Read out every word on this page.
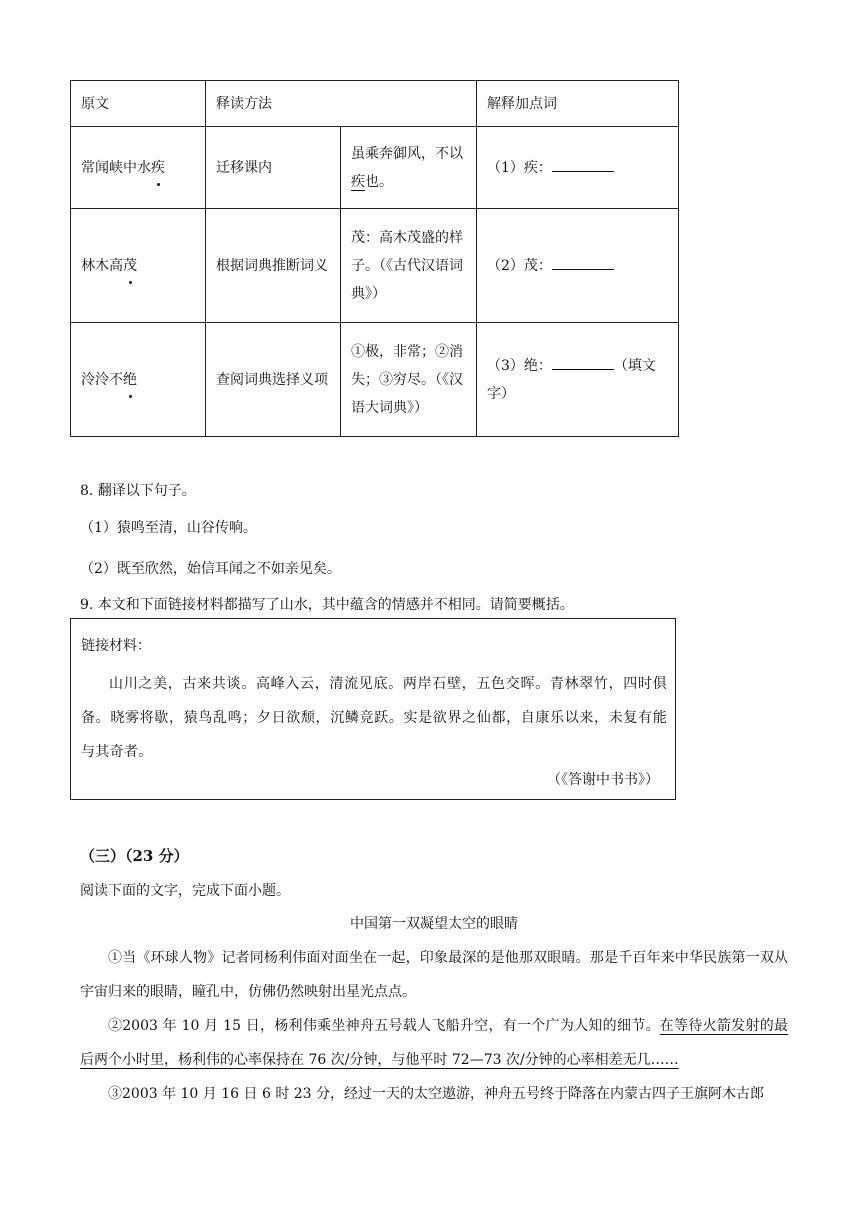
原文	释读方法		解释加点词
常闻峡中水疾	迁移课内	虽乘奔御风，不以疾也。	（1）疾：
林木高茂	根据词典推断词义	茂：高木茂盛的样子。（《古代汉语词典》）	（2）茂：
泠泠不绝	查阅词典选择义项	①极，非常；②消失；③穷尽。（《汉语大词典》）	（3）绝： （填文字）
8. 翻译以下句子。
（1）猿鸣至清，山谷传响。
（2）既至欣然，始信耳闻之不如亲见矣。
9. 本文和下面链接材料都描写了山水，其中蕴含的情感并不相同。请简要概括。
链接材料：
山川之美，古来共谈。高峰入云，清流见底。两岸石壁，五色交晖。青林翠竹，四时俱备。晓雾将歇，猿鸟乱鸣；夕日欲颓，沉鳞竞跃。实是欲界之仙都，自康乐以来，未复有能与其奇者。
（《答谢中书书》）
（三）（23 分）
阅读下面的文字，完成下面小题。
中国第一双凝望太空的眼睛
①当《环球人物》记者同杨利伟面对面坐在一起，印象最深的是他那双眼睛。那是千百年来中华民族第一双从宇宙归来的眼睛，瞳孔中，仿佛仍然映射出星光点点。
②2003 年 10 月 15 日，杨利伟乘坐神舟五号载人飞船升空，有一个广为人知的细节。在等待火箭发射的最后两个小时里，杨利伟的心率保持在 76 次/分钟，与他平时 72—73 次/分钟的心率相差无几……
③2003 年 10 月 16 日 6 时 23 分，经过一天的太空遨游，神舟五号终于降落在内蒙古四子王旗阿木古郎
